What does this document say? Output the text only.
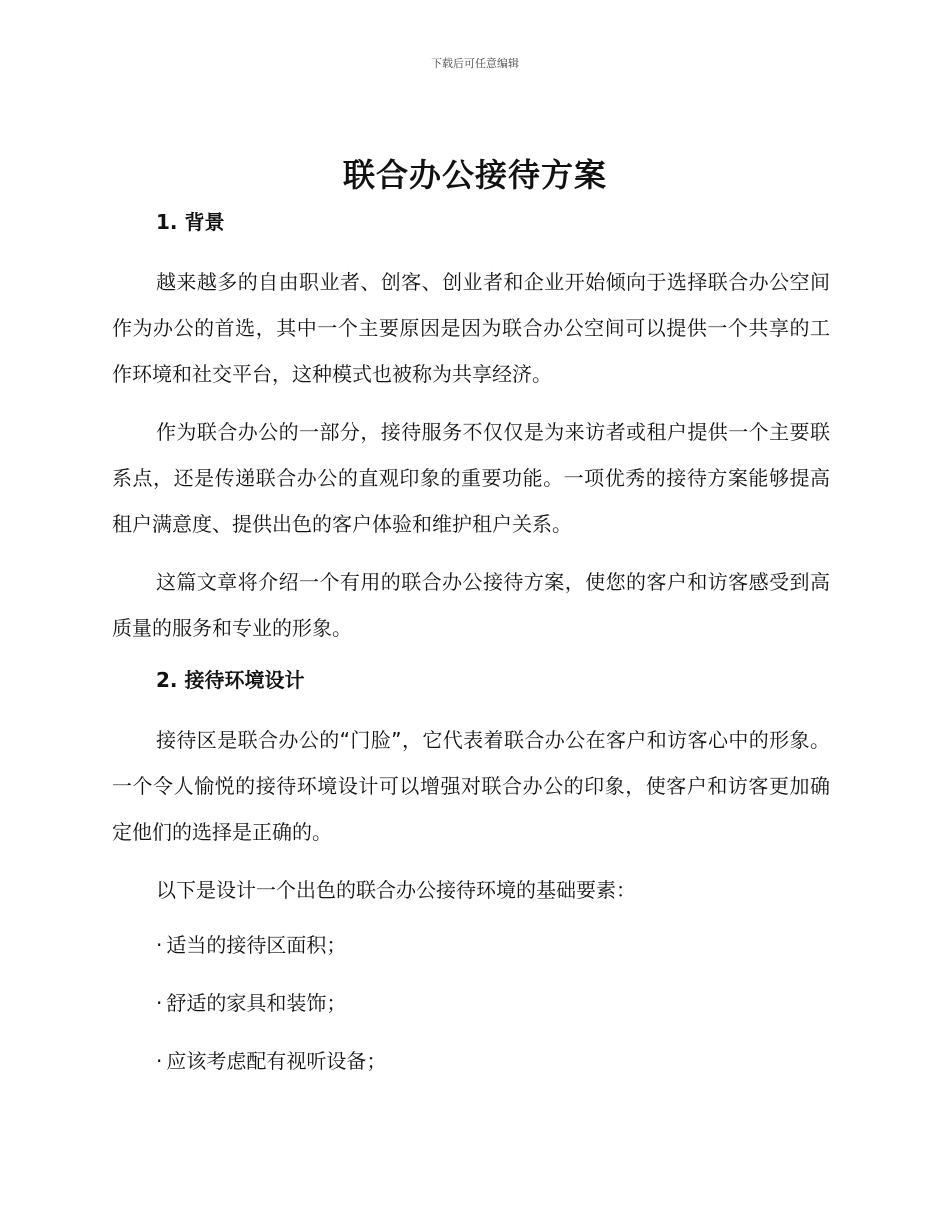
下载后可任意编辑
联合办公接待方案
1. 背景

越来越多的自由职业者、创客、创业者和企业开始倾向于选择联合办公空间作为办公的首选，其中一个主要原因是因为联合办公空间可以提供一个共享的工作环境和社交平台，这种模式也被称为共享经济。

作为联合办公的一部分，接待服务不仅仅是为来访者或租户提供一个主要联系点，还是传递联合办公的直观印象的重要功能。一项优秀的接待方案能够提高租户满意度、提供出色的客户体验和维护租户关系。

这篇文章将介绍一个有用的联合办公接待方案，使您的客户和访客感受到高质量的服务和专业的形象。

2. 接待环境设计

接待区是联合办公的“门脸”，它代表着联合办公在客户和访客心中的形象。一个令人愉悦的接待环境设计可以增强对联合办公的印象，使客户和访客更加确定他们的选择是正确的。

以下是设计一个出色的联合办公接待环境的基础要素：

· 适当的接待区面积；
· 舒适的家具和装饰；
· 应该考虑配有视听设备；
